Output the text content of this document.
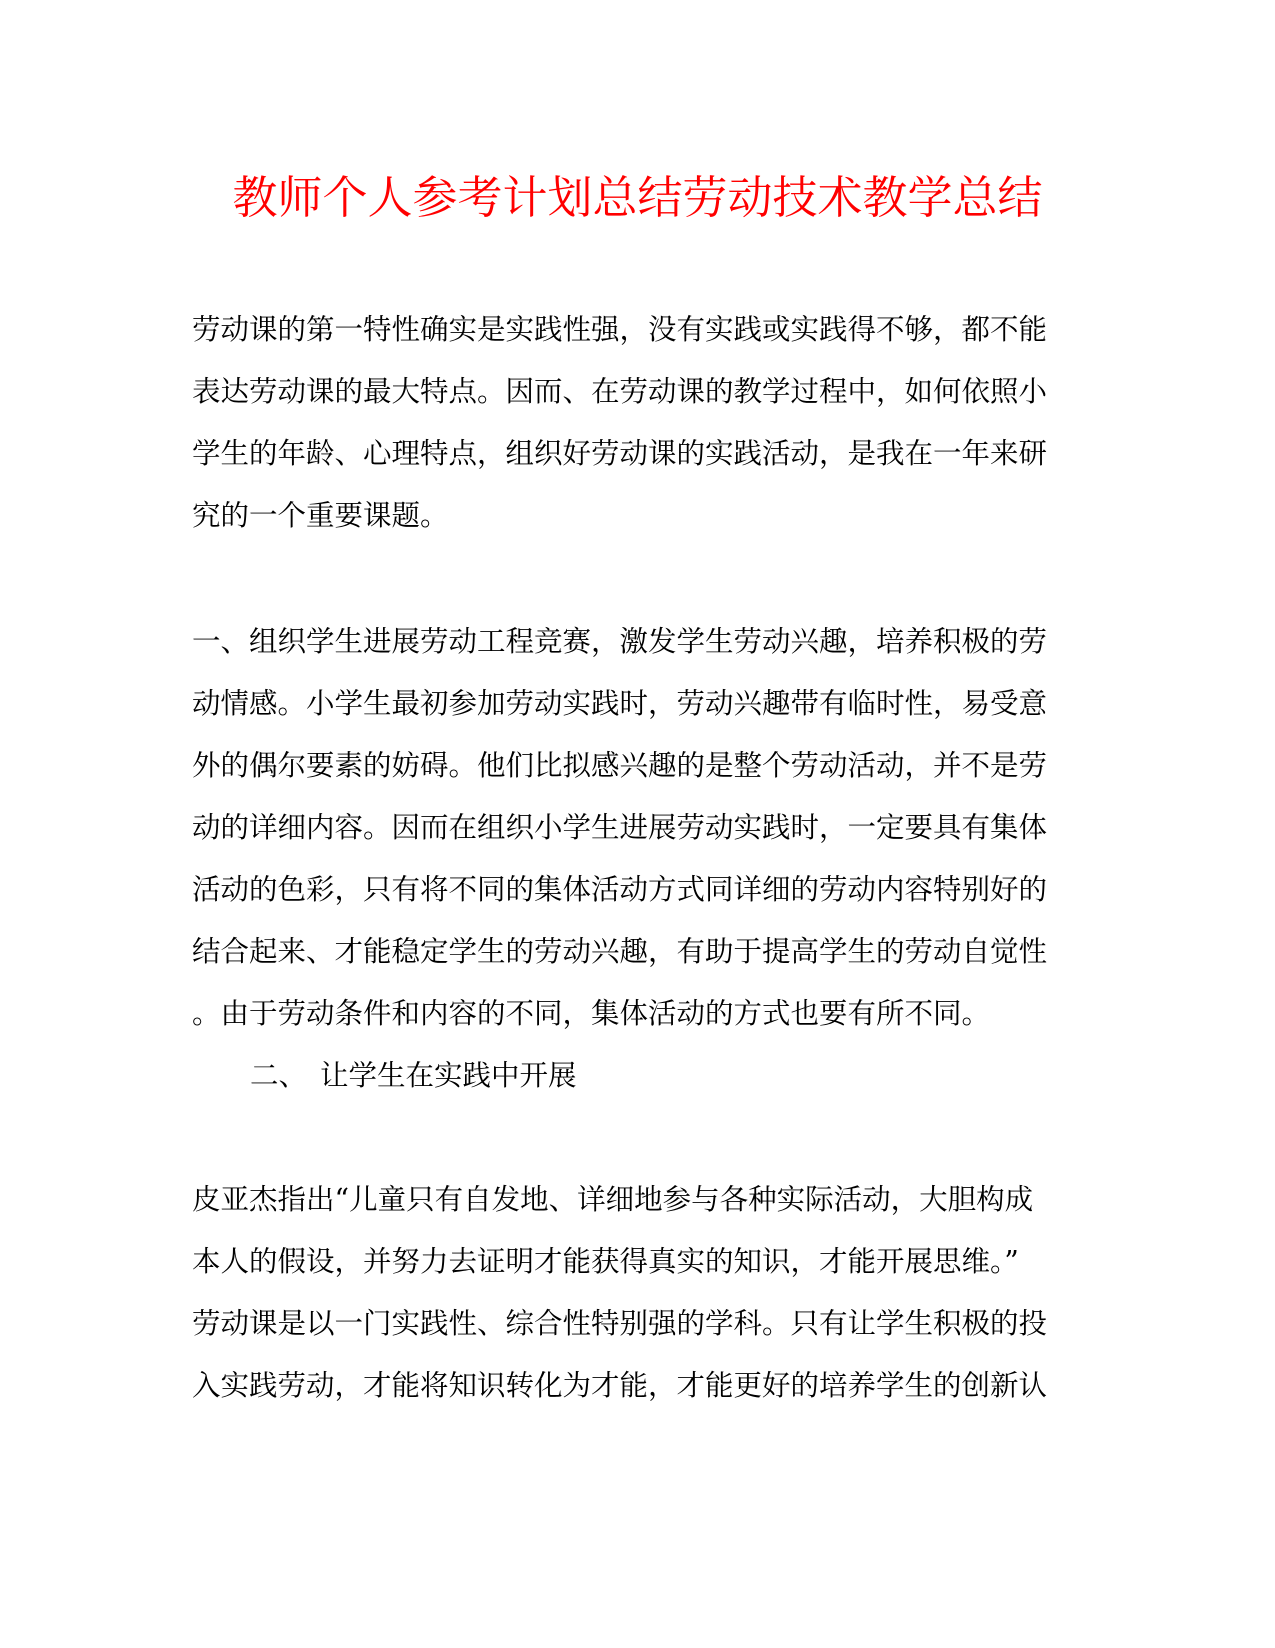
教师个人参考计划总结劳动技术教学总结
劳动课的第一特性确实是实践性强，没有实践或实践得不够，都不能
表达劳动课的最大特点。因而、在劳动课的教学过程中，如何依照小
学生的年龄、心理特点，组织好劳动课的实践活动，是我在一年来研
究的一个重要课题。
一、组织学生进展劳动工程竞赛，激发学生劳动兴趣，培养积极的劳
动情感。小学生最初参加劳动实践时，劳动兴趣带有临时性，易受意
外的偶尔要素的妨碍。他们比拟感兴趣的是整个劳动活动，并不是劳
动的详细内容。因而在组织小学生进展劳动实践时，一定要具有集体
活动的色彩，只有将不同的集体活动方式同详细的劳动内容特别好的
结合起来、才能稳定学生的劳动兴趣，有助于提高学生的劳动自觉性
。由于劳动条件和内容的不同，集体活动的方式也要有所不同。
二、 让学生在实践中开展
皮亚杰指出“儿童只有自发地、详细地参与各种实际活动，大胆构成
本人的假设，并努力去证明才能获得真实的知识，才能开展思维。”
劳动课是以一门实践性、综合性特别强的学科。只有让学生积极的投
入实践劳动，才能将知识转化为才能，才能更好的培养学生的创新认
